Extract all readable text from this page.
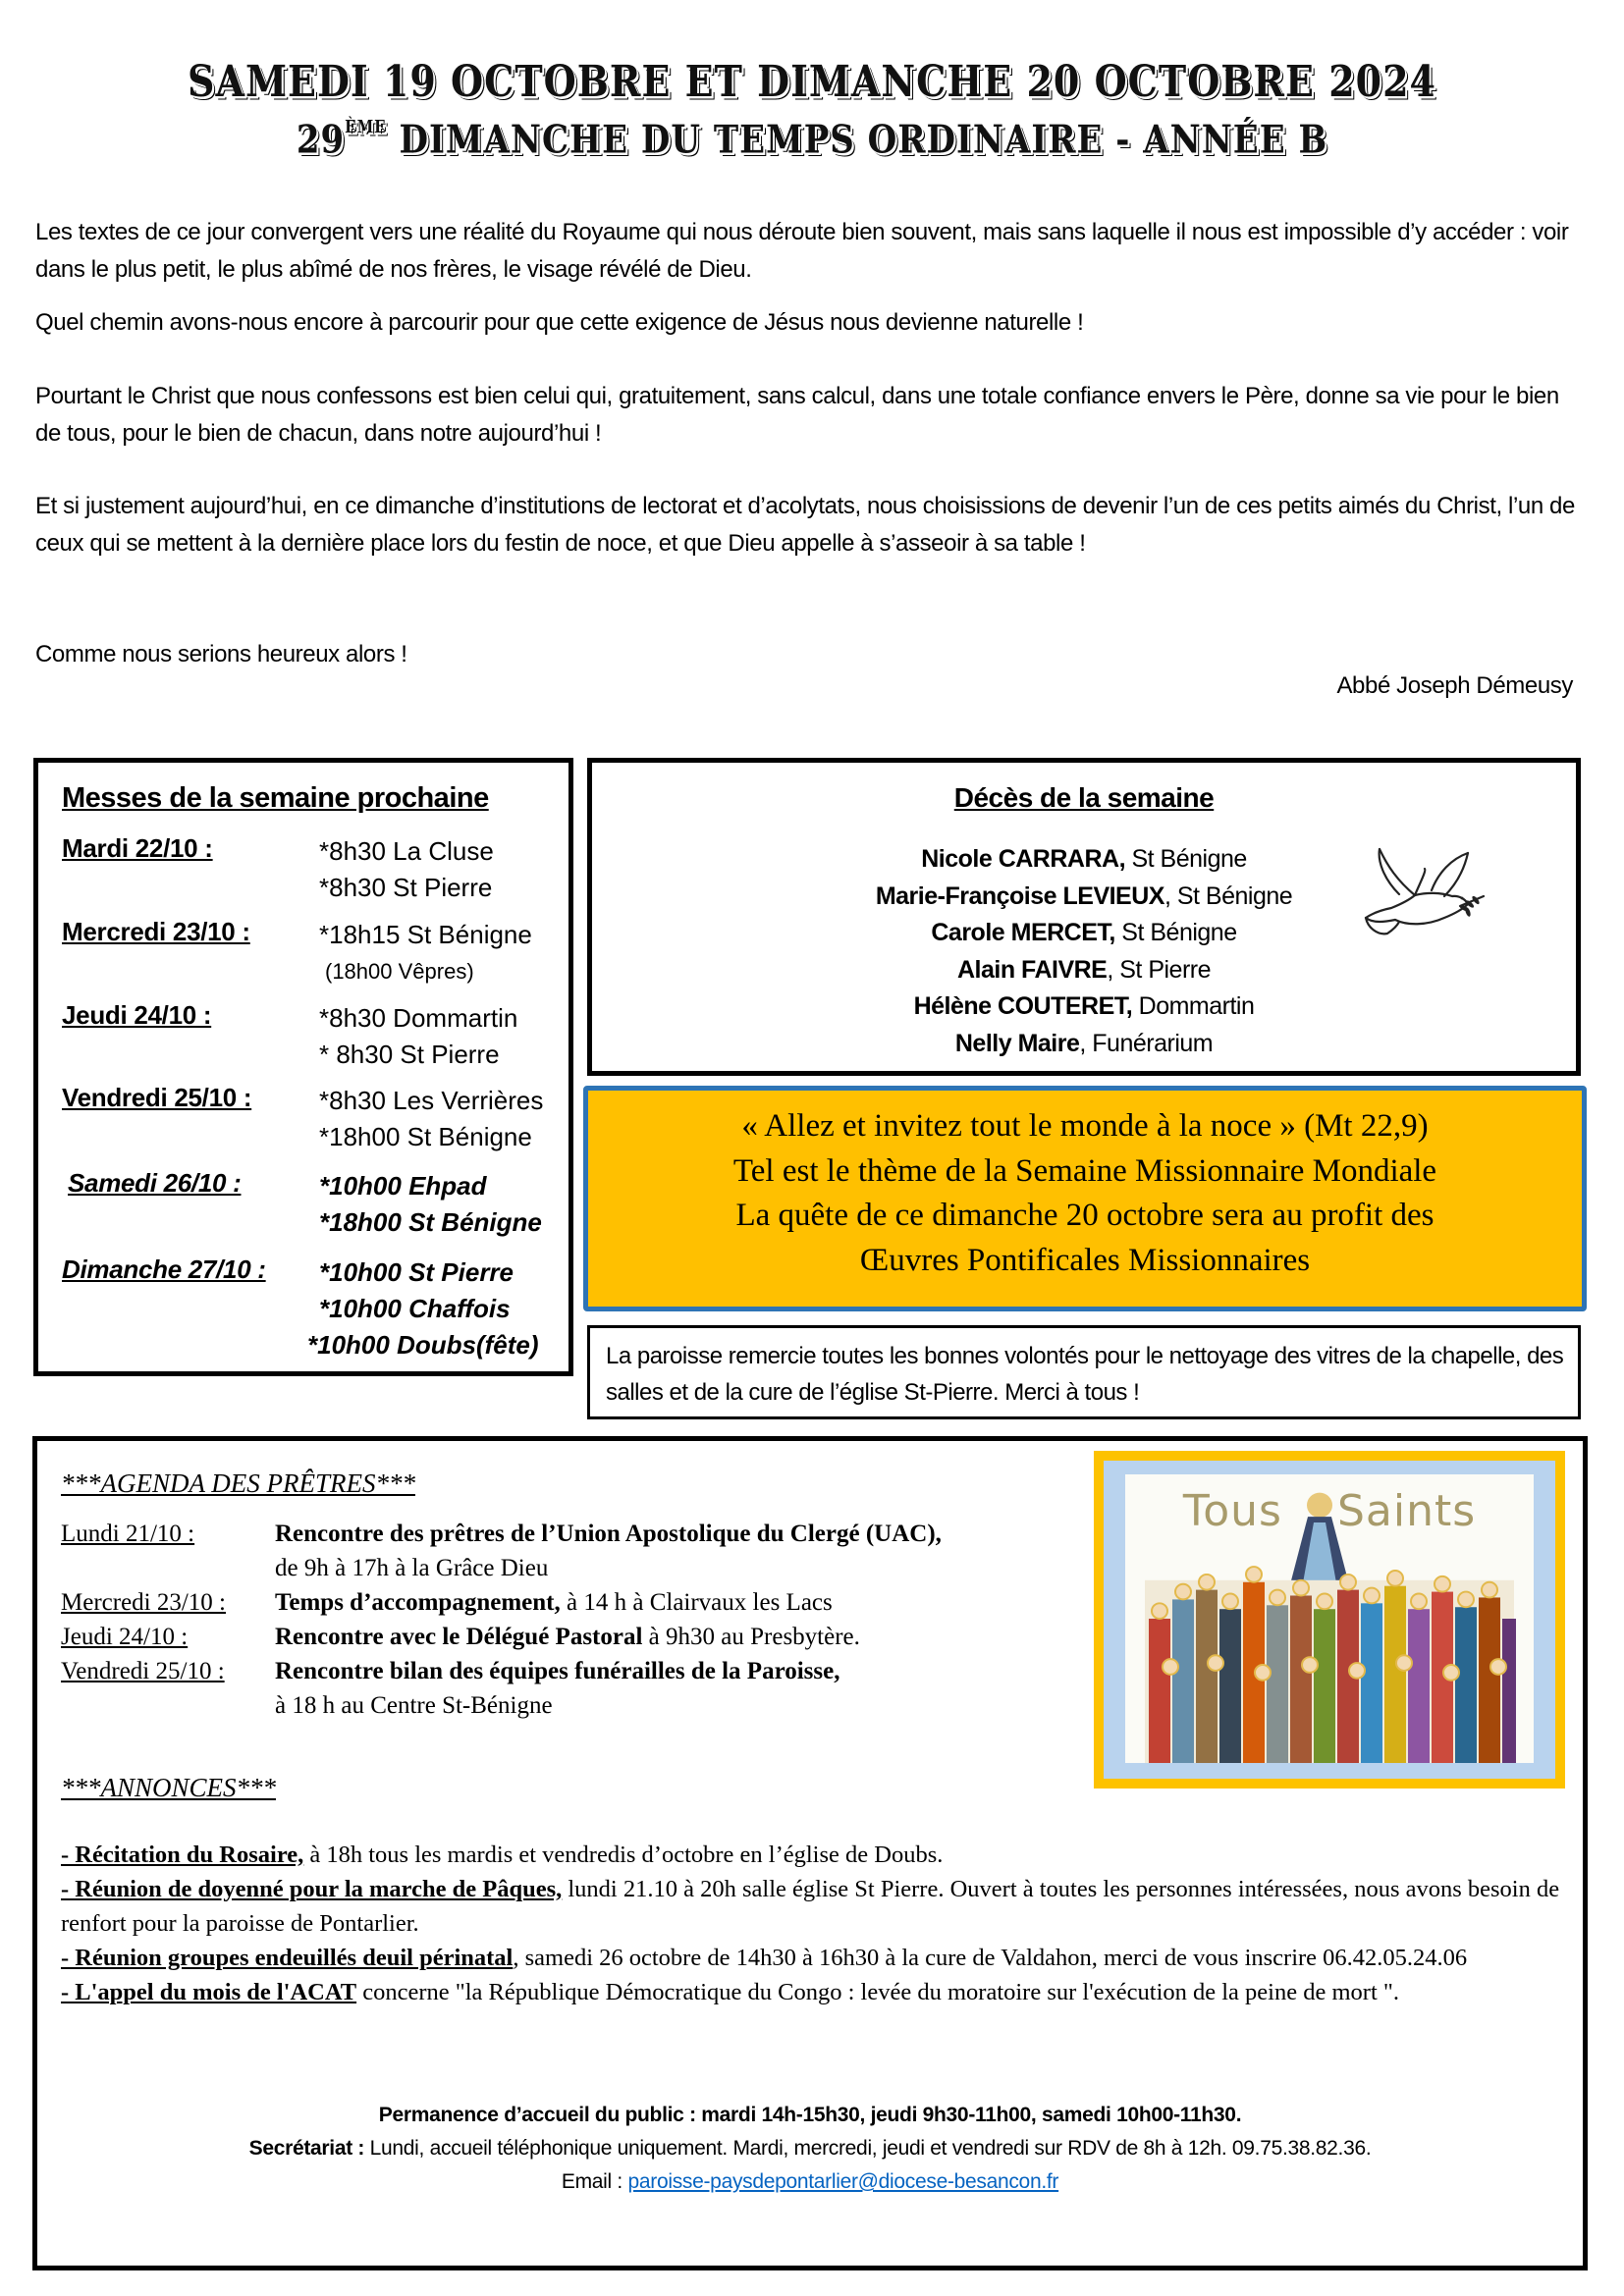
SAMEDI 19 OCTOBRE ET DIMANCHE 20 OCTOBRE 2024
29ÈME DIMANCHE DU TEMPS ORDINAIRE - ANNÉE B

Les textes de ce jour convergent vers une réalité du Royaume qui nous déroute bien souvent, mais sans laquelle il nous est impossible d’y accéder : voir dans le plus petit, le plus abîmé de nos frères, le visage révélé de Dieu.

Quel chemin avons-nous encore à parcourir pour que cette exigence de Jésus nous devienne naturelle !

Pourtant le Christ que nous confessons est bien celui qui, gratuitement, sans calcul, dans une totale confiance envers le Père, donne sa vie pour le bien de tous, pour le bien de chacun, dans notre aujourd’hui !

Et si justement aujourd’hui, en ce dimanche d’institutions de lectorat et d’acolytats, nous choisissions de devenir l’un de ces petits aimés du Christ, l’un de ceux qui se mettent à la dernière place lors du festin de noce, et que Dieu appelle à s’asseoir à sa table !

Comme nous serions heureux alors !

Abbé Joseph Démeusy
Messes de la semaine prochaine
Mardi 22/10 :	*8h30 La Cluse
*8h30 St Pierre
Mercredi 23/10 :	*18h15 St Bénigne
(18h00 Vêpres)
Jeudi 24/10 :	*8h30 Dommartin
* 8h30 St Pierre
Vendredi 25/10 :	*8h30 Les Verrières
*18h00 St Bénigne
Samedi 26/10 :	*10h00 Ehpad
*18h00 St Bénigne
Dimanche 27/10 : *10h00 St Pierre
*10h00 Chaffois
*10h00 Doubs(fête)
Décès de la semaine
Nicole CARRARA, St Bénigne
Marie-Françoise LEVIEUX, St Bénigne
Carole MERCET, St Bénigne
Alain FAIVRE, St Pierre
Hélène COUTERET, Dommartin
Nelly Maire, Funérarium
« Allez et invitez tout le monde à la noce » (Mt 22,9)
Tel est le thème de la Semaine Missionnaire Mondiale
La quête de ce dimanche 20 octobre sera au profit des
Œuvres Pontificales Missionnaires
La paroisse remercie toutes les bonnes volontés pour le nettoyage des vitres de la chapelle, des salles et de la cure de l’église St-Pierre. Merci à tous !
***AGENDA DES PRÊTRES***
Lundi 21/10 :	Rencontre des prêtres de l’Union Apostolique du Clergé (UAC),
de 9h à 17h à la Grâce Dieu
Mercredi 23/10 : Temps d’accompagnement, à 14 h à Clairvaux les Lacs
Jeudi 24/10 :	Rencontre avec le Délégué Pastoral à 9h30 au Presbytère.
Vendredi 25/10 : Rencontre bilan des équipes funérailles de la Paroisse,
à 18 h au Centre St-Bénigne
Tous Saints
***ANNONCES***

- Récitation du Rosaire, à 18h tous les mardis et vendredis d’octobre en l’église de Doubs.

- Réunion de doyenné pour la marche de Pâques, lundi 21.10 à 20h salle église St Pierre. Ouvert à toutes les personnes intéressées, nous avons besoin de renfort pour la paroisse de Pontarlier.

- Réunion groupes endeuillés deuil périnatal, samedi 26 octobre de 14h30 à 16h30 à la cure de Valdahon, merci de vous inscrire 06.42.05.24.06

- L'appel du mois de l'ACAT concerne "la République Démocratique du Congo : levée du moratoire sur l'exécution de la peine de mort ".

Permanence d’accueil du public : mardi 14h-15h30, jeudi 9h30-11h00, samedi 10h00-11h30.
Secrétariat : Lundi, accueil téléphonique uniquement. Mardi, mercredi, jeudi et vendredi sur RDV de 8h à 12h. 09.75.38.82.36.
Email : paroisse-paysdepontarlier@diocese-besancon.fr
